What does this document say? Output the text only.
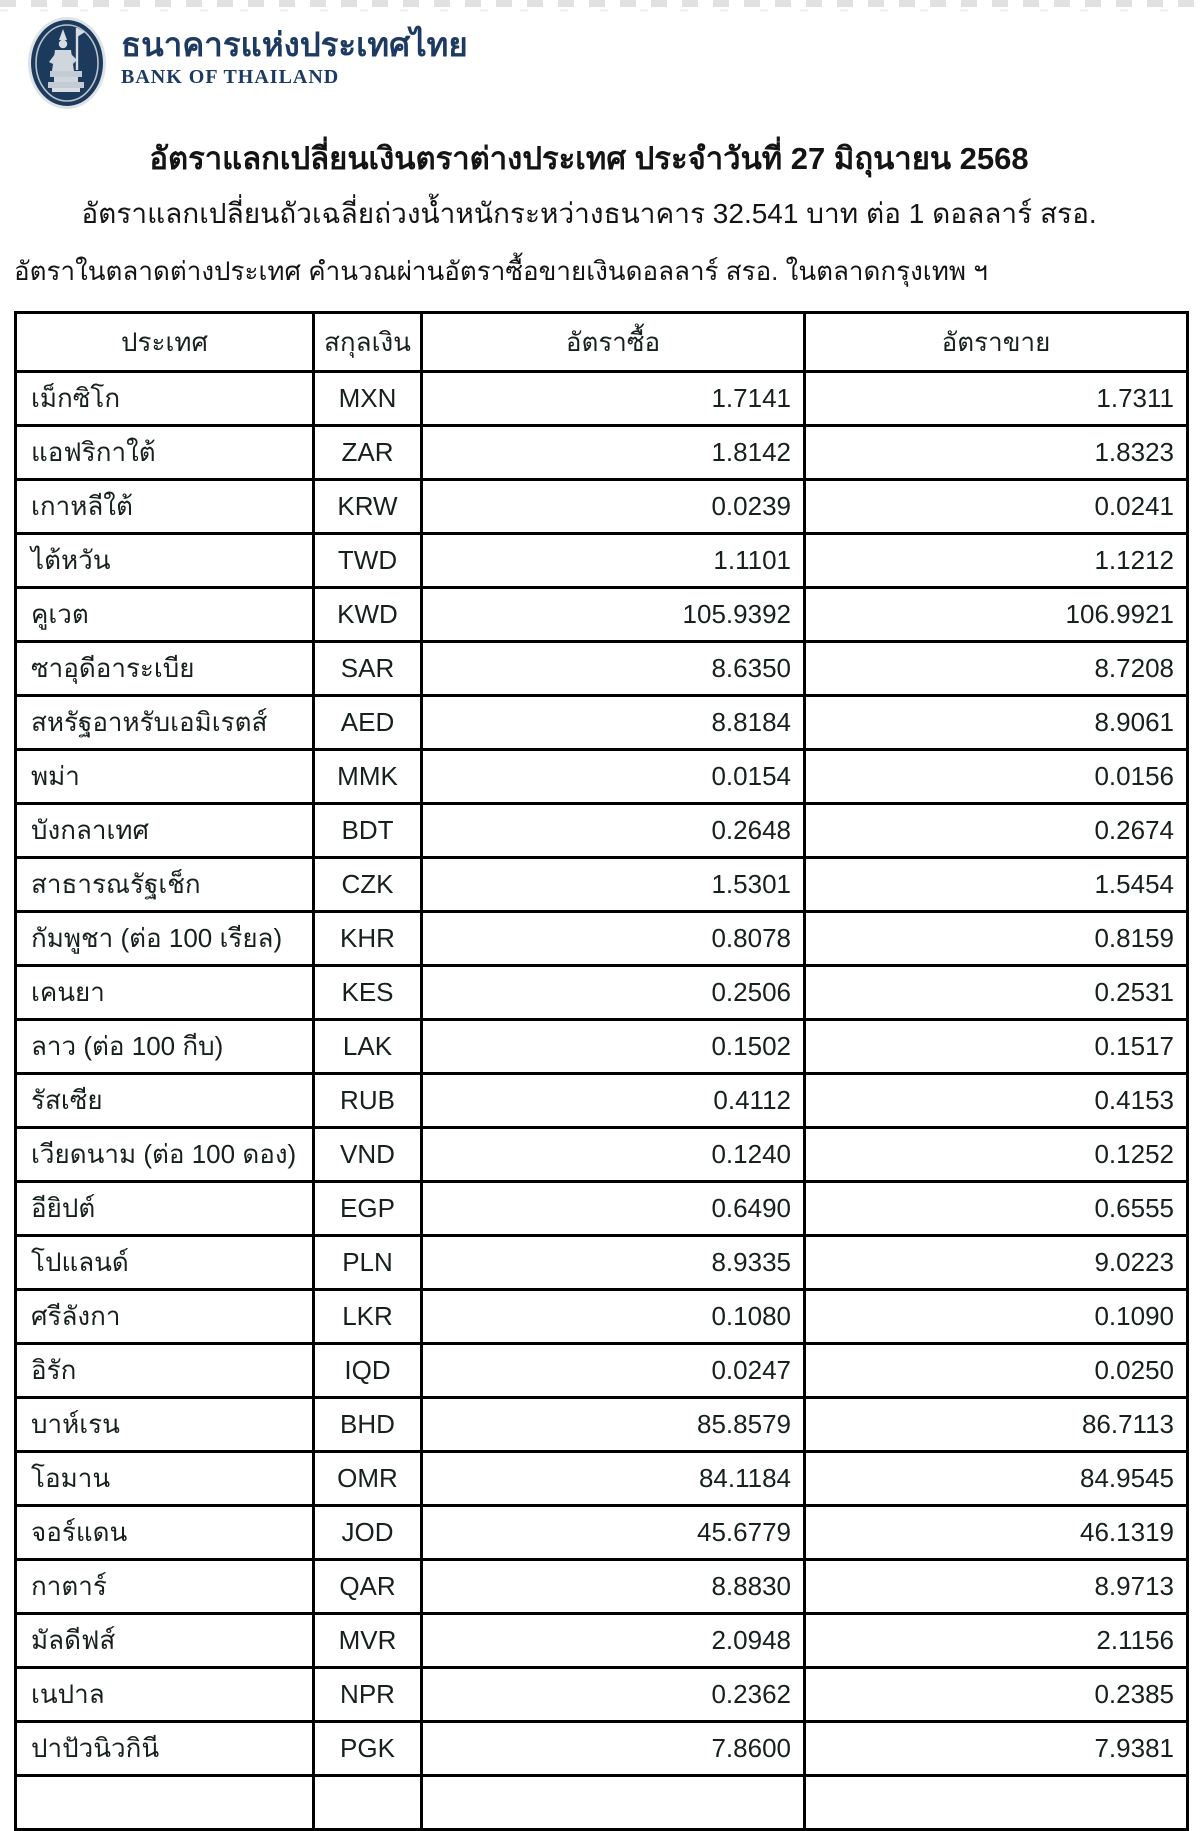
ธนาคารแห่งประเทศไทย
BANK OF THAILAND
อัตราแลกเปลี่ยนเงินตราต่างประเทศ ประจำวันที่ 27 มิถุนายน 2568
อัตราแลกเปลี่ยนถัวเฉลี่ยถ่วงน้ำหนักระหว่างธนาคาร 32.541 บาท ต่อ 1 ดอลลาร์ สรอ.
อัตราในตลาดต่างประเทศ คำนวณผ่านอัตราซื้อขายเงินดอลลาร์ สรอ. ในตลาดกรุงเทพ ฯ
ประเทศ	สกุลเงิน	อัตราซื้อ	อัตราขาย
เม็กซิโก	MXN	1.7141	1.7311
แอฟริกาใต้	ZAR	1.8142	1.8323
เกาหลีใต้	KRW	0.0239	0.0241
ไต้หวัน	TWD	1.1101	1.1212
คูเวต	KWD	105.9392	106.9921
ซาอุดีอาระเบีย	SAR	8.6350	8.7208
สหรัฐอาหรับเอมิเรตส์	AED	8.8184	8.9061
พม่า	MMK	0.0154	0.0156
บังกลาเทศ	BDT	0.2648	0.2674
สาธารณรัฐเช็ก	CZK	1.5301	1.5454
กัมพูชา (ต่อ 100 เรียล)	KHR	0.8078	0.8159
เคนยา	KES	0.2506	0.2531
ลาว (ต่อ 100 กีบ)	LAK	0.1502	0.1517
รัสเซีย	RUB	0.4112	0.4153
เวียดนาม (ต่อ 100 ดอง)	VND	0.1240	0.1252
อียิปต์	EGP	0.6490	0.6555
โปแลนด์	PLN	8.9335	9.0223
ศรีลังกา	LKR	0.1080	0.1090
อิรัก	IQD	0.0247	0.0250
บาห์เรน	BHD	85.8579	86.7113
โอมาน	OMR	84.1184	84.9545
จอร์แดน	JOD	45.6779	46.1319
กาตาร์	QAR	8.8830	8.9713
มัลดีฟส์	MVR	2.0948	2.1156
เนปาล	NPR	0.2362	0.2385
ปาปัวนิวกินี	PGK	7.8600	7.9381
